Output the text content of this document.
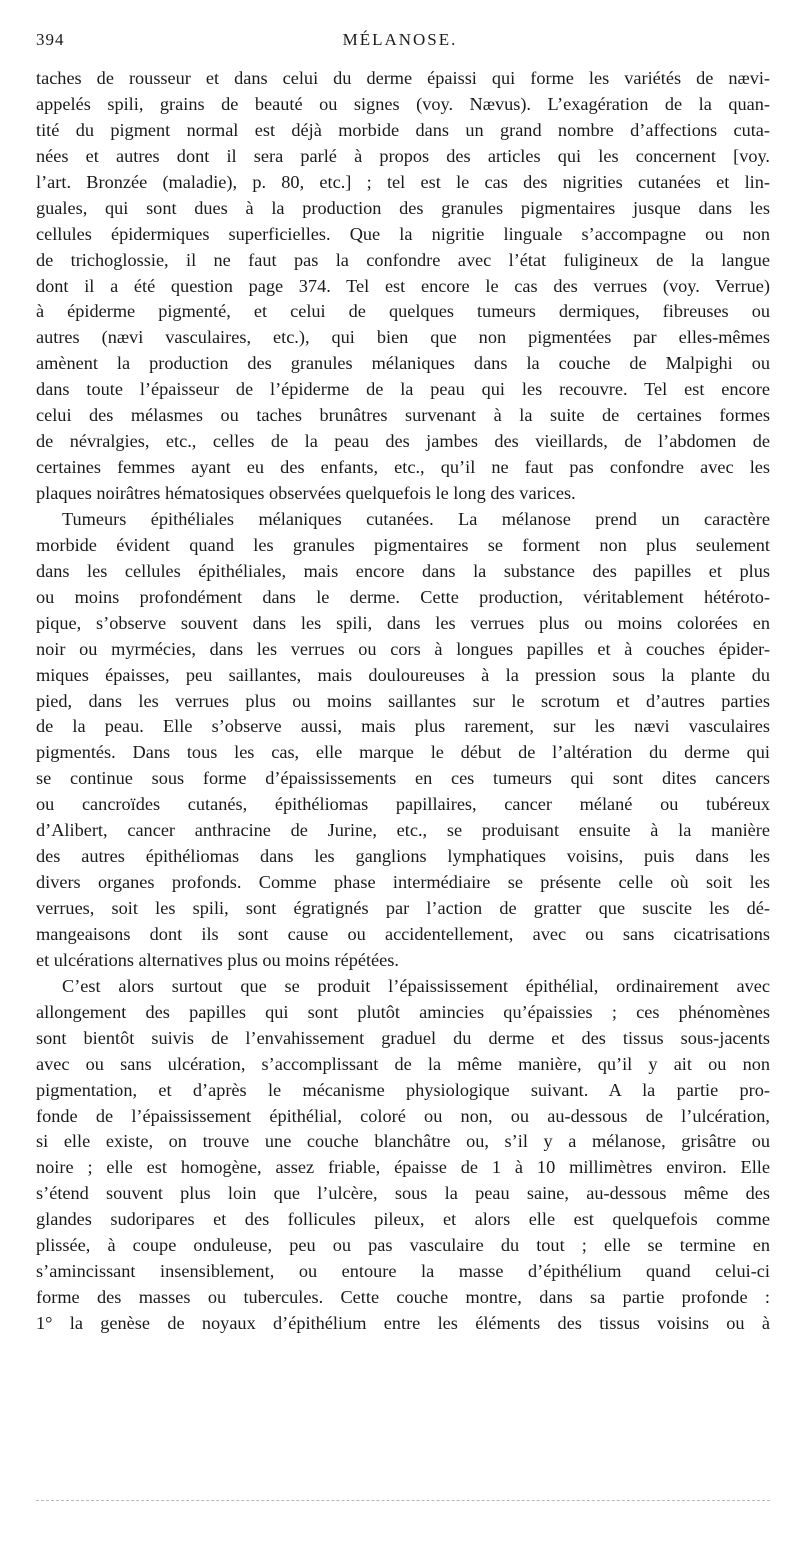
394	MÉLANOSE.
taches de rousseur et dans celui du derme épaissi qui forme les variétés de nævi-
appelés spili, grains de beauté ou signes (voy. Nævus). L’exagération de la quan-
tité du pigment normal est déjà morbide dans un grand nombre d’affections cuta-
nées et autres dont il sera parlé à propos des articles qui les concernent [voy.
l’art. Bronzée (maladie), p. 80, etc.] ; tel est le cas des nigrities cutanées et lin-
guales, qui sont dues à la production des granules pigmentaires jusque dans les
cellules épidermiques superficielles. Que la nigritie linguale s’accompagne ou non
de trichoglossie, il ne faut pas la confondre avec l’état fuligineux de la langue
dont il a été question page 374. Tel est encore le cas des verrues (voy. Verrue)
à épiderme pigmenté, et celui de quelques tumeurs dermiques, fibreuses ou
autres (nævi vasculaires, etc.), qui bien que non pigmentées par elles-mêmes
amènent la production des granules mélaniques dans la couche de Malpighi ou
dans toute l’épaisseur de l’épiderme de la peau qui les recouvre. Tel est encore
celui des mélasmes ou taches brunâtres survenant à la suite de certaines formes
de névralgies, etc., celles de la peau des jambes des vieillards, de l’abdomen de
certaines femmes ayant eu des enfants, etc., qu’il ne faut pas confondre avec les
plaques noirâtres hématosiques observées quelquefois le long des varices.
Tumeurs épithéliales mélaniques cutanées. La mélanose prend un caractère
morbide évident quand les granules pigmentaires se forment non plus seulement
dans les cellules épithéliales, mais encore dans la substance des papilles et plus
ou moins profondément dans le derme. Cette production, véritablement hétéroto-
pique, s’observe souvent dans les spili, dans les verrues plus ou moins colorées en
noir ou myrmécies, dans les verrues ou cors à longues papilles et à couches épider-
miques épaisses, peu saillantes, mais douloureuses à la pression sous la plante du
pied, dans les verrues plus ou moins saillantes sur le scrotum et d’autres parties
de la peau. Elle s’observe aussi, mais plus rarement, sur les nævi vasculaires
pigmentés. Dans tous les cas, elle marque le début de l’altération du derme qui
se continue sous forme d’épaississements en ces tumeurs qui sont dites cancers
ou cancroïdes cutanés, épithéliomas papillaires, cancer mélané ou tubéreux
d’Alibert, cancer anthracine de Jurine, etc., se produisant ensuite à la manière
des autres épithéliomas dans les ganglions lymphatiques voisins, puis dans les
divers organes profonds. Comme phase intermédiaire se présente celle où soit les
verrues, soit les spili, sont égratignés par l’action de gratter que suscite les dé-
mangeaisons dont ils sont cause ou accidentellement, avec ou sans cicatrisations
et ulcérations alternatives plus ou moins répétées.
C’est alors surtout que se produit l’épaississement épithélial, ordinairement avec
allongement des papilles qui sont plutôt amincies qu’épaissies ; ces phénomènes
sont bientôt suivis de l’envahissement graduel du derme et des tissus sous-jacents
avec ou sans ulcération, s’accomplissant de la même manière, qu’il y ait ou non
pigmentation, et d’après le mécanisme physiologique suivant. A la partie pro-
fonde de l’épaississement épithélial, coloré ou non, ou au-dessous de l’ulcération,
si elle existe, on trouve une couche blanchâtre ou, s’il y a mélanose, grisâtre ou
noire ; elle est homogène, assez friable, épaisse de 1 à 10 millimètres environ. Elle
s’étend souvent plus loin que l’ulcère, sous la peau saine, au-dessous même des
glandes sudoripares et des follicules pileux, et alors elle est quelquefois comme
plissée, à coupe onduleuse, peu ou pas vasculaire du tout ; elle se termine en
s’amincissant insensiblement, ou entoure la masse d’épithélium quand celui-ci
forme des masses ou tubercules. Cette couche montre, dans sa partie profonde :
1° la genèse de noyaux d’épithélium entre les éléments des tissus voisins ou à
